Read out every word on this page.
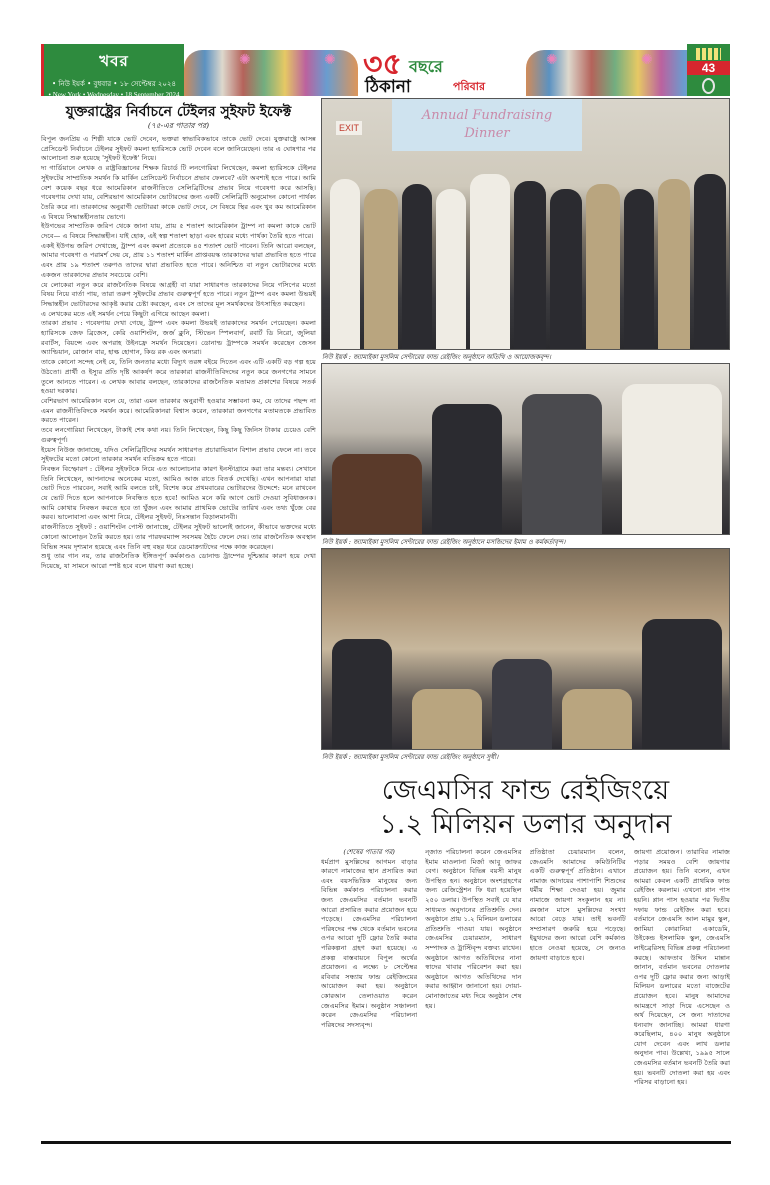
খবর
• নিউ ইয়র্ক • বুধবার • ১৮ সেপ্টেম্বর ২০২৪
• New York • Wednesday • 18 September 2024
✺	✺ ৩৫ বছরে
ঠিকানা	পরিবার
✺	✺	43
যুক্তরাষ্ট্রের নির্বাচনে টেইলর সুইফট ইফেক্ট
(৭৫-এর পাতার পর)

বিপুল জনপ্রিয় এ শিল্পী যাকে ভোট দেবেন, ভক্তরা স্বাভাবিকভাবে তাকে ভোট দেবে। যুক্তরাষ্ট্রে আসন্ন প্রেসিডেন্ট নির্বাচনে টেইলর সুইফট কমলা হ্যারিসকে ভোট দেবেন বলে জানিয়েছেন। তার এ ঘোষণার পর আলোচনা শুরু হয়েছে 'সুইফট ইফেক্ট' নিয়ে।

দ্য গার্ডিয়ানে লেখক ও রাষ্ট্রবিজ্ঞানের শিক্ষক রিচার্ড টি লনগোরিয়া লিখেছেন, কমলা হ্যারিসকে টেইলর সুইফটের সাম্প্রতিক সমর্থন কি মার্কিন প্রেসিডেন্ট নির্বাচনে প্রভাব ফেলবে? এটা অবশ্যই হতে পারে। আমি বেশ কয়েক বছর ধরে আমেরিকান রাজনীতিতে সেলিব্রিটিদের প্রভাব নিয়ে গবেষণা করে আসছি। গবেষণায় দেখা যায়, বেশিরভাগ আমেরিকান ভোটারদের জন্য একটি সেলিব্রিটি অনুমোদন কোনো পার্থক্য তৈরি করে না। তারকাদের অনুরাগী ভোটাররা কাকে ভোট দেবে, সে বিষয়ে স্থির এবং খুব কম আমেরিকান এ বিষয়ে সিদ্ধান্তহীনতায় ভোগে।

ইউগভের সাম্প্রতিক জরিপ থেকে জানা যায়, প্রায় ৫ শতাংশ আমেরিকান ট্রাম্প না কমলা কাকে ভোট দেবে— এ বিষয়ে সিদ্ধান্তহীন। যাই হোক, এই স্বল্প শতাংশ ছাড়া এবং হারের মধ্যে পার্থক্য তৈরি হতে পারে।

একই ইউগভ জরিপ দেখাচ্ছে, ট্রাম্প এবং কমলা প্রত্যেকে ৪৫ শতাংশ ভোট পাবেন। তিনি আরো বলছেন, আমার গবেষণা ও পরামর্শ দেয় যে, প্রায় ১১ শতাংশ মার্কিন প্রাপ্তবয়স্ক তারকাদের দ্বারা প্রভাবিত হতে পারে এবং প্রায় ১৯ শতাংশ তরুণও তাদের দ্বারা প্রভাবিত হতে পারে। অনিশ্চিত বা নতুন ভোটারদের মধ্যে একজন তারকাদের প্রভাব সবচেয়ে বেশি।

যে লোকেরা নতুন করে রাজনৈতিক বিষয়ে আগ্রহী বা যারা সাধারণত তারকাদের নিয়ে গসিপের মতো বিষয় নিয়ে বার্তা পায়, তারা তরুণ সুইফটের প্রভাব গুরুত্বপূর্ণ হতে পারে। নতুন ট্রাম্প এবং কমলা উভয়ই সিদ্ধান্তহীন ভোটারদের আকৃষ্ট করার চেষ্টা করছেন, এবং সে তাদের মূল সমর্থকদের উৎসাহিত করছেন।

এ লেখকের মতে এই সমর্থন পেয়ে কিছুটা এগিয়ে আছেন কমলা।

তারকা প্রভাব : গবেষণায় দেখা গেছে, ট্রাম্প এবং কমলা উভয়ই তারকাদের সমর্থন পেয়েছেন। কমলা হ্যারিসকে জেফ ব্রিজেস, কেরি ওয়াশিংটন, জর্জ ক্লুনি, স্টিভেন স্পিলবার্গ, রবার্ট ডি নিরো, জুলিয়া রবার্টস, বিয়ন্সে এবং অপরাহ উইনফ্রে সমর্থন দিয়েছেন। ডোনাল্ড ট্রাম্পকে সমর্থন করেছেন জেসন অ্যাল্ডিয়ান, রোজান বার, হাল্ক হোগান, কিড রক এবং অন্যরা।

তাকে কোনো সন্দেহ নেই যে, তিনি জনতার মধ্যে বিদ্যুৎ তরঙ্গ বইয়ে দিতেন এবং এটি একটি বড় গল্প হয়ে উঠতো। প্রার্থী ও ইস্যুর প্রতি দৃষ্টি আকর্ষণ করে তারকারা রাজনীতিবিদদের নতুন করে জনগণের সামনে তুলে আনতে পারেন। এ লেখক আবার বলছেন, তারকাদের রাজনৈতিক মতামত প্রকাশের বিষয়ে সতর্ক হওয়া দরকার।

বেশিরভাগ আমেরিকান বলে যে, তারা এমন তারকার অনুরাগী হওয়ার সম্ভাবনা কম, যে তাদের পছন্দ না এমন রাজনীতিবিদকে সমর্থন করে। আমেরিকানরা বিশ্বাস করেন, তারকারা জনগণের মতামতকে প্রভাবিত করতে পারেন।

তবে লনগোরিয়া লিখেছেন, টাকাই শেষ কথা নয়। তিনি লিখেছেন, কিছু কিছু জিনিস টাকার চেয়েও বেশি গুরুত্বপূর্ণ।

ইয়েস নিউজ জানাচ্ছে, যদিও সেলিব্রিটিদের সমর্থন সাধারণত প্রচারাভিযান বিশাল প্রভাব ফেলে না। তবে সুইফটের মতো কোনো তারকার সমর্থন ব্যতিক্রম হতে পারে।

নিবন্ধন বিস্ফোরণ : টেইলর সুইফটকে নিয়ে এত আলোচনার কারণ ইনস্টাগ্রামে করা তার মন্তব্য। সেখানে তিনি লিখেছেন, আপনাদের অনেকের মতো, আমিও আজ রাতে বিতর্ক দেখেছি। এখন আপনারা যারা ভোট দিতে পারবেন, সবাই আমি বলতে চাই, বিশেষ করে প্রথমবারের ভোটারদের উদ্দেশে: মনে রাখবেন যে ভোট দিতে হলে আপনাকে নিবন্ধিত হতে হবে! আমিও মনে করি আগে ভোট দেওয়া সুবিধাজনক। আমি কোথায় নিবন্ধন করতে হবে তা খুঁজন এবং আমার প্রাথমিক ভোটের তারিখ এবং তথ্য খুঁজে বের করব। ভালোবাসা এবং আশা নিয়ে, টেইলর সুইফট, নিঃসন্তান বিড়ালমানবী।

রাজনীতিতে সুইফট : ওয়াশিংটন পোস্ট জানাচ্ছে, টেইলর সুইফট ভালোই জানেন, কীভাবে ভক্তদের মধ্যে কোনো আলোড়ন তৈরি করতে হয়। তার পারফরম্যান্স সবসময় হৈচৈ ফেলে দেয়। তার রাজনৈতিক অবস্থান বিভিন্ন সময় দৃশ্যমান হয়েছে এবং তিনি বহু বছর ধরে ডেমোক্র্যাটদের পক্ষে কাজ করেছেন।

শুধু তার গান নয়, তার রাজনৈতিক ইঙ্গিতপূর্ণ কর্মকাণ্ডও ডোনাল্ড ট্রাম্পের দুশ্চিন্তার কারণ হয়ে দেখা দিয়েছে, যা সামনে আরো স্পষ্ট হবে বলে ধারণা করা হচ্ছে।

EXIT
Annual Fundraising
Dinner
নিউ ইয়র্ক : জ্যামাইকা মুসলিম সেন্টারের ফান্ড রেইজিং অনুষ্ঠানে অতিথি ও আয়োজকবৃন্দ।
নিউ ইয়র্ক : জ্যামাইকা মুসলিম সেন্টারের ফান্ড রেইজিং অনুষ্ঠানে মসজিদের ইমাম ও কর্মকর্তাবৃন্দ।
নিউ ইয়র্ক : জ্যামাইকা মুসলিম সেন্টারের ফান্ড রেইজিং অনুষ্ঠানে সুধী।
জেএমসির ফান্ড রেইজিংয়ে
১.২ মিলিয়ন ডলার অনুদান
(শেষের পাতার পর)
ধর্মপ্রাণ মুসল্লিদের আগমন বাড়ার কারণে নামাজের স্থান প্রসারিত করা এবং বয়সভিত্তিক মানুষের জন্য বিভিন্ন কর্মকাণ্ড পরিচালনা করার জন্য জেএমসির বর্তমান ভবনটি আরো প্রসারিত করার প্রয়োজন হয়ে পড়েছে। জেএমসির পরিচালনা পরিষদের পক্ষ থেকে বর্তমান ভবনের ওপর আরো দুটি ফ্লোর তৈরি করার পরিকল্পনা গ্রহণ করা হয়েছে। এ প্রকল্প বাস্তবায়নে বিপুল অর্থের প্রয়োজন। এ লক্ষ্যে ৮ সেপ্টেম্বর রবিবার সন্ধ্যায় ফান্ড রেইজিংয়ের আয়োজন করা হয়। অনুষ্ঠানে কোরআন তেলাওয়াত করেন জেএমসির ইমাম। অনুষ্ঠান সঞ্চালনা করেন জেএমসির পরিচালনা পরিষদের সদস্যবৃন্দ।
ন্জাত পরিচালনা করেন জেএমসির ইমাম মাওলানা মির্জা আবু জাফর বেগ। অনুষ্ঠানে বিভিন্ন বয়সী মানুষ উপস্থিত হন। অনুষ্ঠানে অংশগ্রহণের জন্য রেজিস্ট্রেশন ফি ধরা হয়েছিল ২৫০ ডলার। উপস্থিত সবাই যে যার সাধ্যমত অনুদানের প্রতিশ্রুতি দেন। অনুষ্ঠানে প্রায় ১.২ মিলিয়ন ডলারের প্রতিশ্রুতি পাওয়া যায়। অনুষ্ঠানে জেএমসির চেয়ারম্যান, সাধারণ সম্পাদক ও ট্রাস্টিবৃন্দ বক্তব্য রাখেন। অনুষ্ঠানে আগত অতিথিদের নানা স্বাদের খাবার পরিবেশন করা হয়। অনুষ্ঠানে আগত অতিথিদের দান করার আহ্বান জানানো হয়। দোয়া-মোনাজাতের মধ্য দিয়ে অনুষ্ঠান শেষ হয়।
প্রতিষ্ঠাতা চেয়ারম্যান বলেন, জেএমসি আমাদের কমিউনিটির একটি গুরুত্বপূর্ণ প্রতিষ্ঠান। এখানে নামাজ আদায়ের পাশাপাশি শিশুদের ধর্মীয় শিক্ষা দেওয়া হয়। জুমার নামাজে জায়গা সংকুলান হয় না। রমজান মাসে মুসল্লিদের সংখ্যা আরো বেড়ে যায়। তাই ভবনটি সম্প্রসারণ জরুরি হয়ে পড়েছে। ইয়ুথদের জন্য আরো বেশি কর্মকাণ্ড হাতে নেওয়া হয়েছে, সে জন্যও জায়গা বাড়াতে হবে।
জায়গা প্রয়োজন। তারাবির নামাজ পড়ার সময়ও বেশি জায়গার প্রয়োজন হয়। তিনি বলেন, এখন আমরা কেবল একটি প্রাথমিক ফান্ড রেইজিং করলাম। এখনো প্লান পাস হয়নি। প্লান পাস হওয়ার পর দ্বিতীয় দফায় ফান্ড রেইজিং করা হবে। বর্তমানে জেএমসি আল মামুর স্কুল, জামিয়া কোরানিয়া একাডেমি, উইকেন্ড ইসলামিক স্কুল, জেএমসি লাইব্রেরিসহ বিভিন্ন প্রকল্প পরিচালনা করছে। আফতাব উদ্দিন মান্নান জানান, বর্তমান ভবনের দোতলার ওপর দুটি ফ্লোর করার জন্য আড়াই মিলিয়ন ডলারের মতো বাজেটের প্রয়োজন হবে। মানুষ আমাদের আমন্ত্রণে সাড়া দিয়ে এসেছেন ও অর্থ দিয়েছেন, সে জন্য দাতাদের ধন্যবাদ জানাচ্ছি। আমরা ধারণা করেছিলাম, ৪০০ মানুষ অনুষ্ঠানে যোগ দেবেন এবং লাখ ডলার অনুদান পাব। উল্লেখ্য, ১৯৯৫ সালে জেএমসির বর্তমান ভবনটি তৈরি করা হয়। ভবনটি দোতলা করা হয় এবং পরিসর বাড়ানো হয়।
